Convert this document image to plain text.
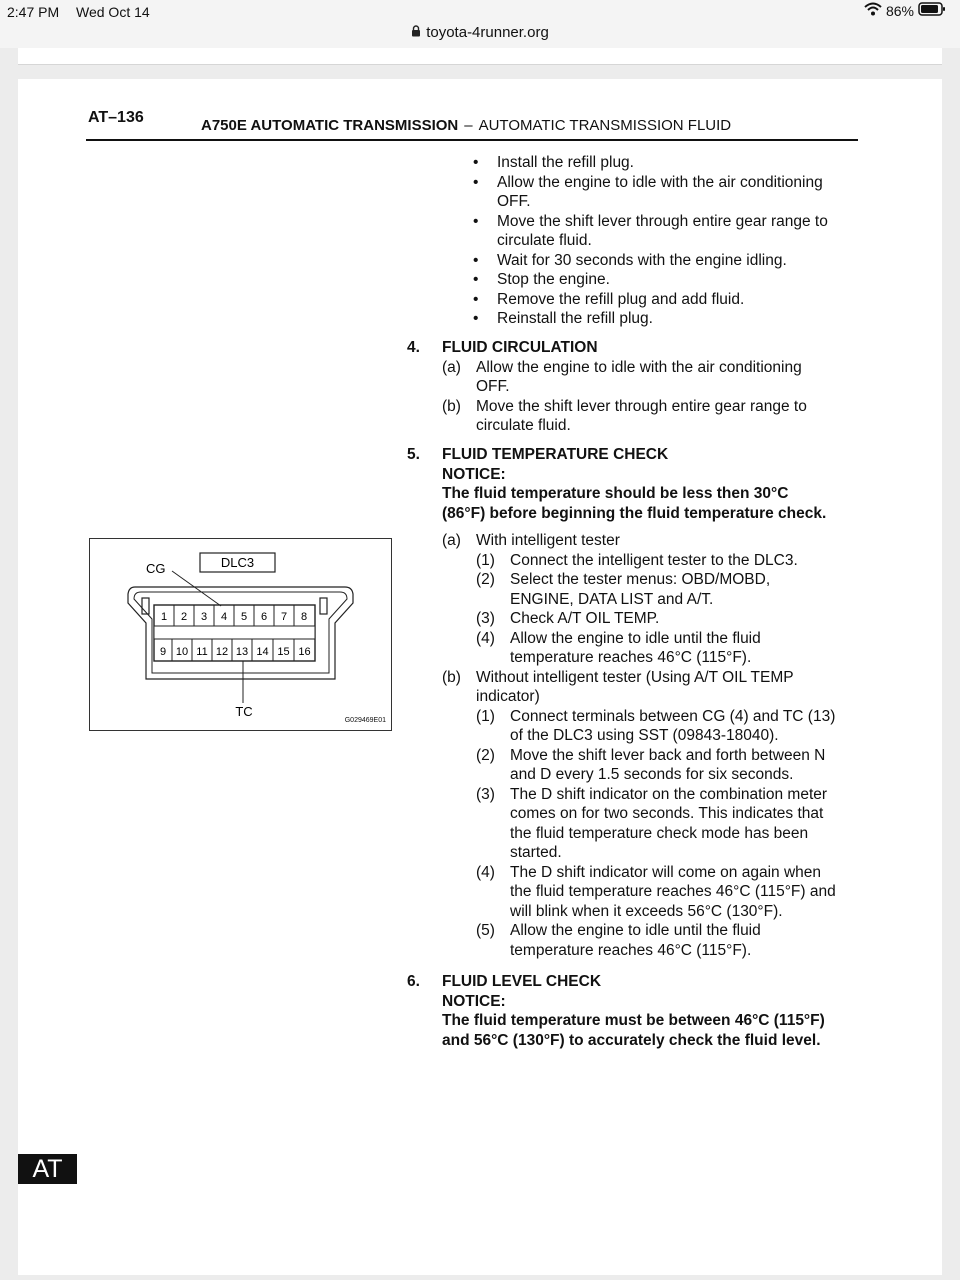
2:47 PM Wed Oct 14	86%
toyota-4runner.org
AT–136	A750E AUTOMATIC TRANSMISSION – AUTOMATIC TRANSMISSION FLUID
• Install the refill plug.
• Allow the engine to idle with the air conditioning
OFF.
• Move the shift lever through entire gear range to
circulate fluid.
• Wait for 30 seconds with the engine idling.
• Stop the engine.
• Remove the refill plug and add fluid.
• Reinstall the refill plug.
4. FLUID CIRCULATION
(a) Allow the engine to idle with the air conditioning
OFF.
(b) Move the shift lever through entire gear range to
circulate fluid.
5. FLUID TEMPERATURE CHECK
NOTICE:
The fluid temperature should be less then 30°C
(86°F) before beginning the fluid temperature check.
(a) With intelligent tester
(1) Connect the intelligent tester to the DLC3.
(2) Select the tester menus: OBD/MOBD,
ENGINE, DATA LIST and A/T.
(3) Check A/T OIL TEMP.
(4) Allow the engine to idle until the fluid
temperature reaches 46°C (115°F).
(b) Without intelligent tester (Using A/T OIL TEMP
indicator)
(1) Connect terminals between CG (4) and TC (13)
of the DLC3 using SST (09843-18040).
(2) Move the shift lever back and forth between N
and D every 1.5 seconds for six seconds.
(3) The D shift indicator on the combination meter
comes on for two seconds. This indicates that
the fluid temperature check mode has been
started.
(4) The D shift indicator will come on again when
the fluid temperature reaches 46°C (115°F) and
will blink when it exceeds 56°C (130°F).
(5) Allow the engine to idle until the fluid
temperature reaches 46°C (115°F).
6. FLUID LEVEL CHECK
NOTICE:
The fluid temperature must be between 46°C (115°F)
and 56°C (130°F) to accurately check the fluid level.
1 2 3 4 5 6 7 8
9 10 11 12 13 14 15 16
DLC3
CG
TC
G029469E01
AT
